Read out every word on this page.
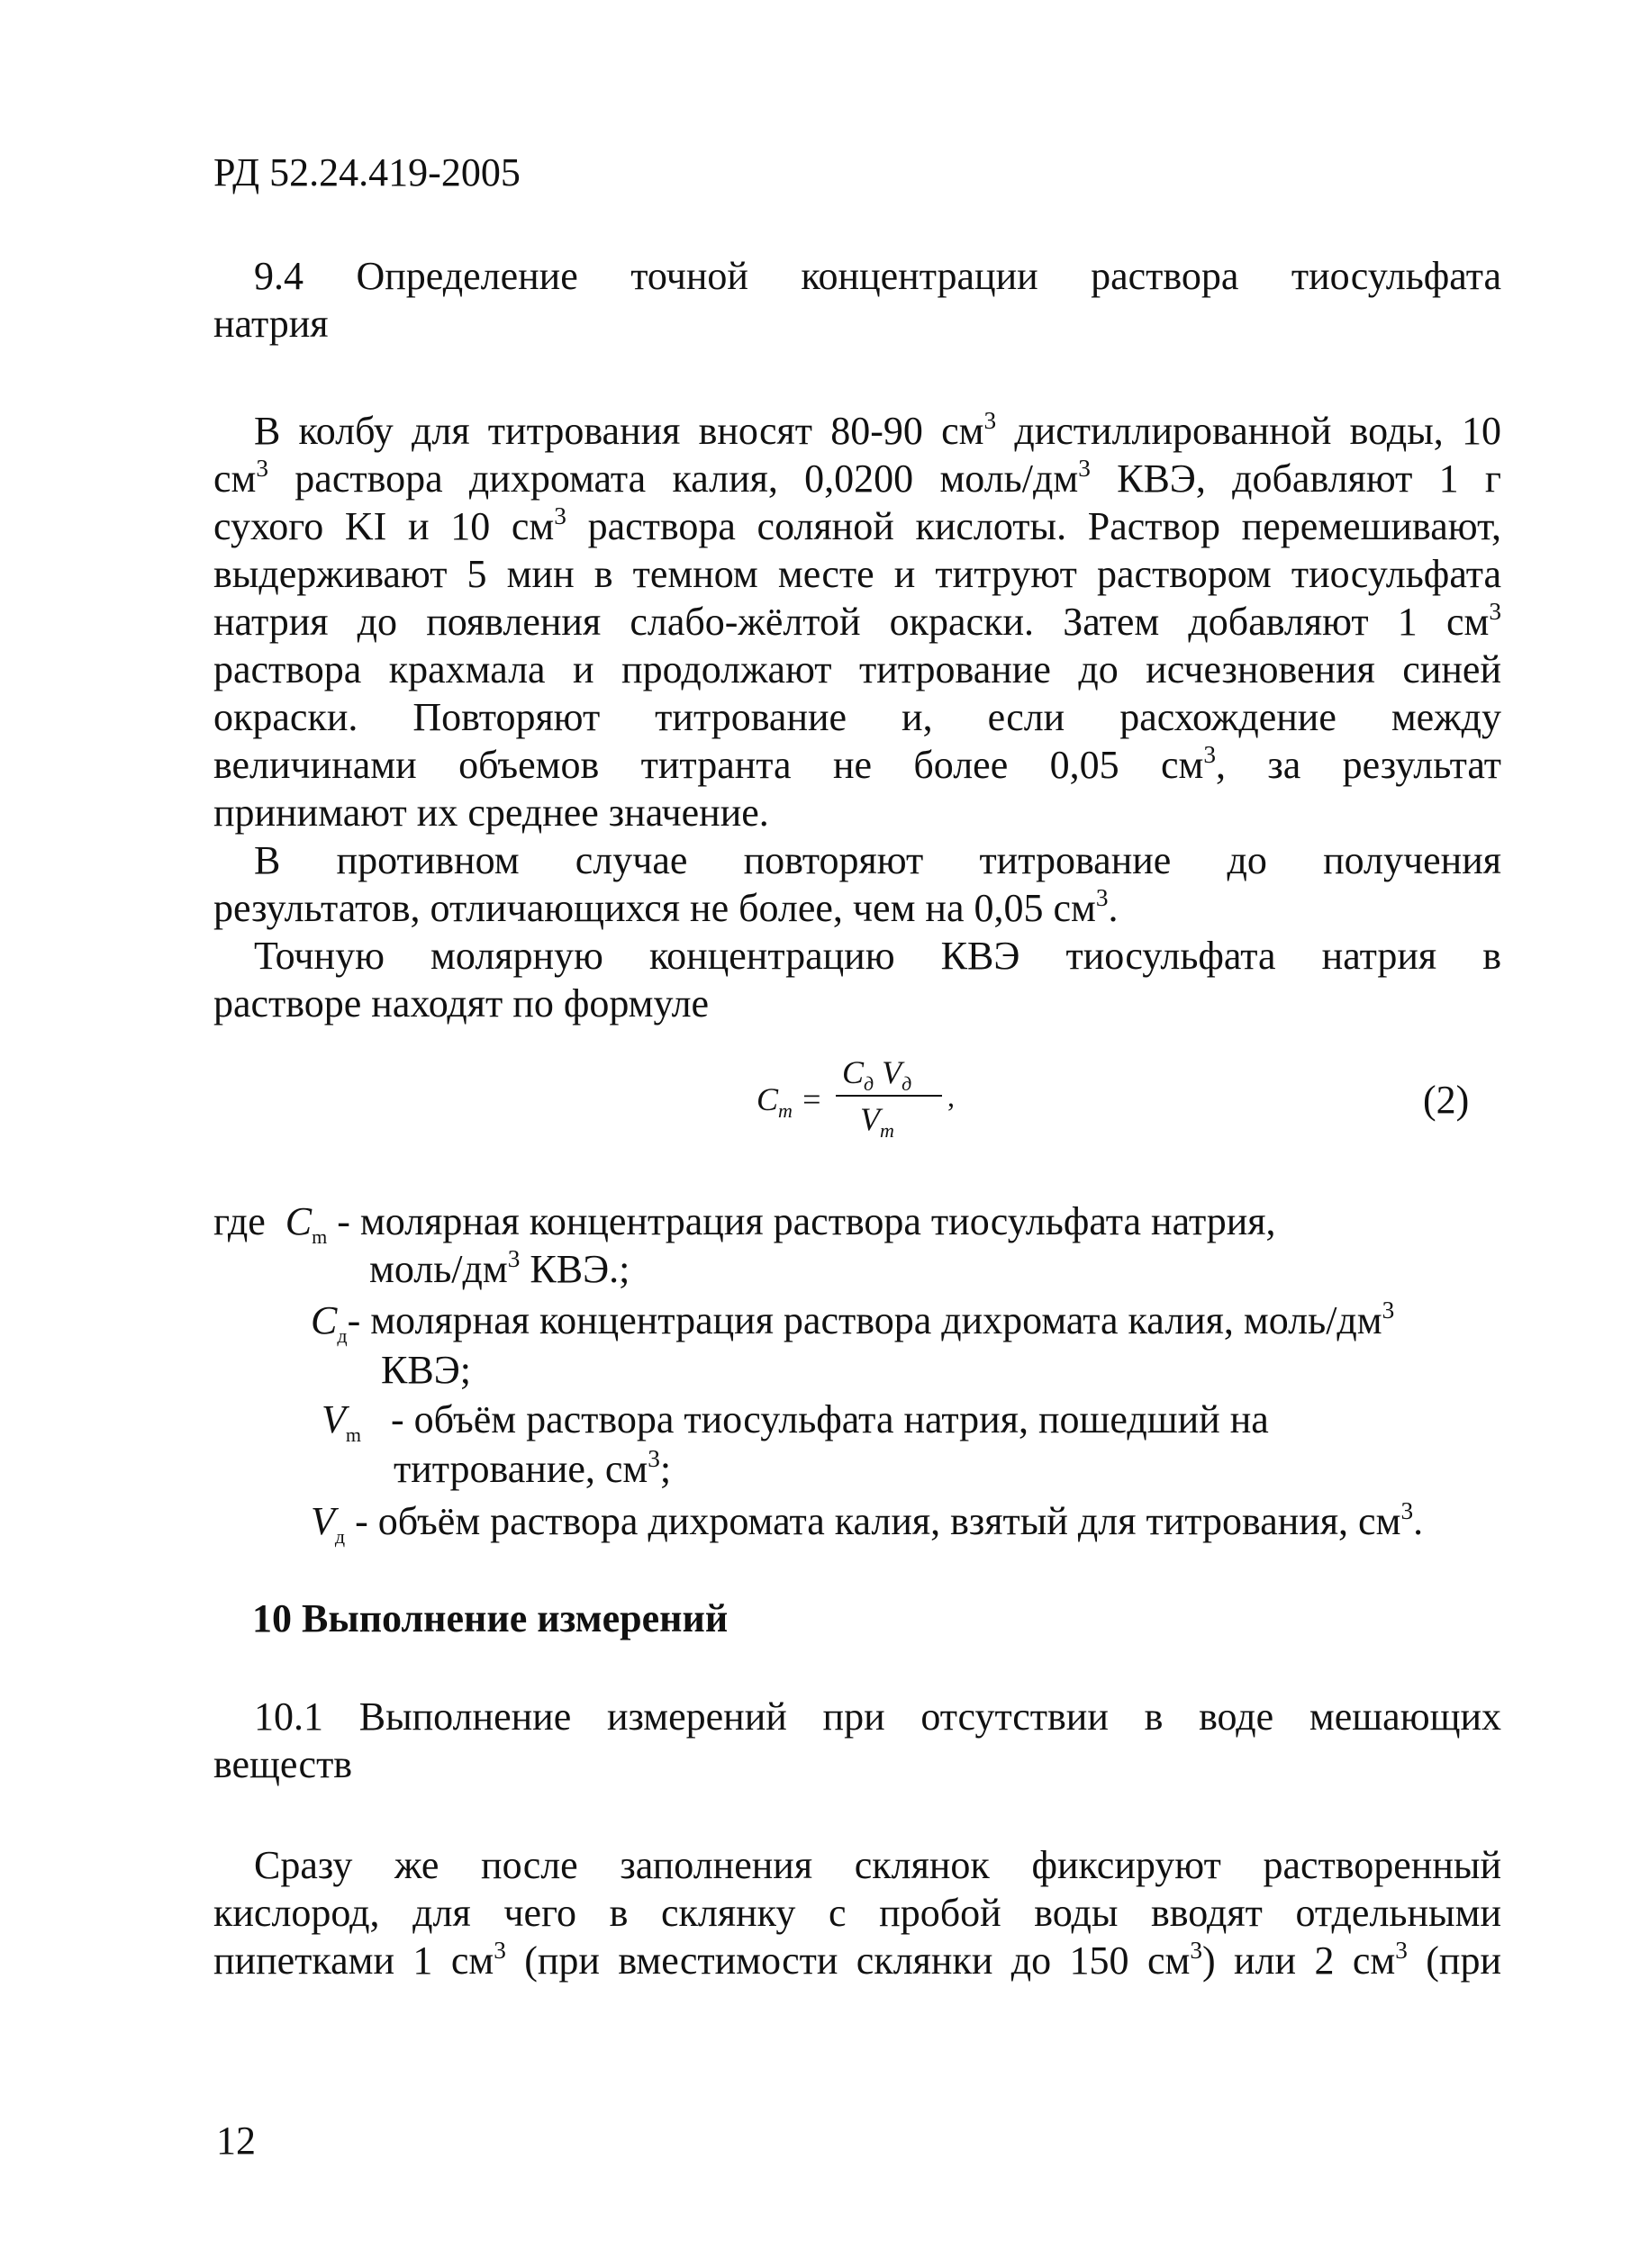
РД 52.24.419-2005
9.4 Определение точной концентрации раствора тиосульфата
натрия
В колбу для титрования вносят 80-90 $см^3$ дистиллированной воды, 10
$см^3$ раствора дихромата калия, 0,0200 моль/$дм^3$ КВЭ, добавляют 1 г
сухого KI и 10 $см^3$ раствора соляной кислоты. Раствор перемешивают,
выдерживают 5 мин в темном месте и титруют раствором тиосульфата
натрия до появления слабо-жёлтой окраски. Затем добавляют 1 $см^3$
раствора крахмала и продолжают титрование до исчезновения синей
окраски. Повторяют титрование и, если расхождение между
величинами объемов титранта не более 0,05 $см^3$, за результат
принимают их среднее значение.
В противном случае повторяют титрование до получения
результатов, отличающихся не более, чем на 0,05 $см^3$.
Точную молярную концентрацию КВЭ тиосульфата натрия в
растворе находят по формуле
$C_m$ =
$C_д$ $V_д$
$V_m$
,	(2)
где $C_m$ - молярная концентрация раствора тиосульфата натрия,
моль/$дм^3$ КВЭ.;
$C_д-$ молярная концентрация раствора дихромата калия, моль/$дм^3$
КВЭ;
$V_m$   - объём раствора тиосульфата натрия, пошедший на
титрование, $см^3$;
$V_д$ - объём раствора дихромата калия, взятый для титрования, $см^3$.
10 Выполнение измерений
10.1 Выполнение измерений при отсутствии в воде мешающих
веществ
Сразу же после заполнения склянок фиксируют растворенный
кислород, для чего в склянку с пробой воды вводят отдельными
пипетками 1 $см^3$ (при вместимости склянки до 150 $см^3$) или 2 $см^3$ (при
12
